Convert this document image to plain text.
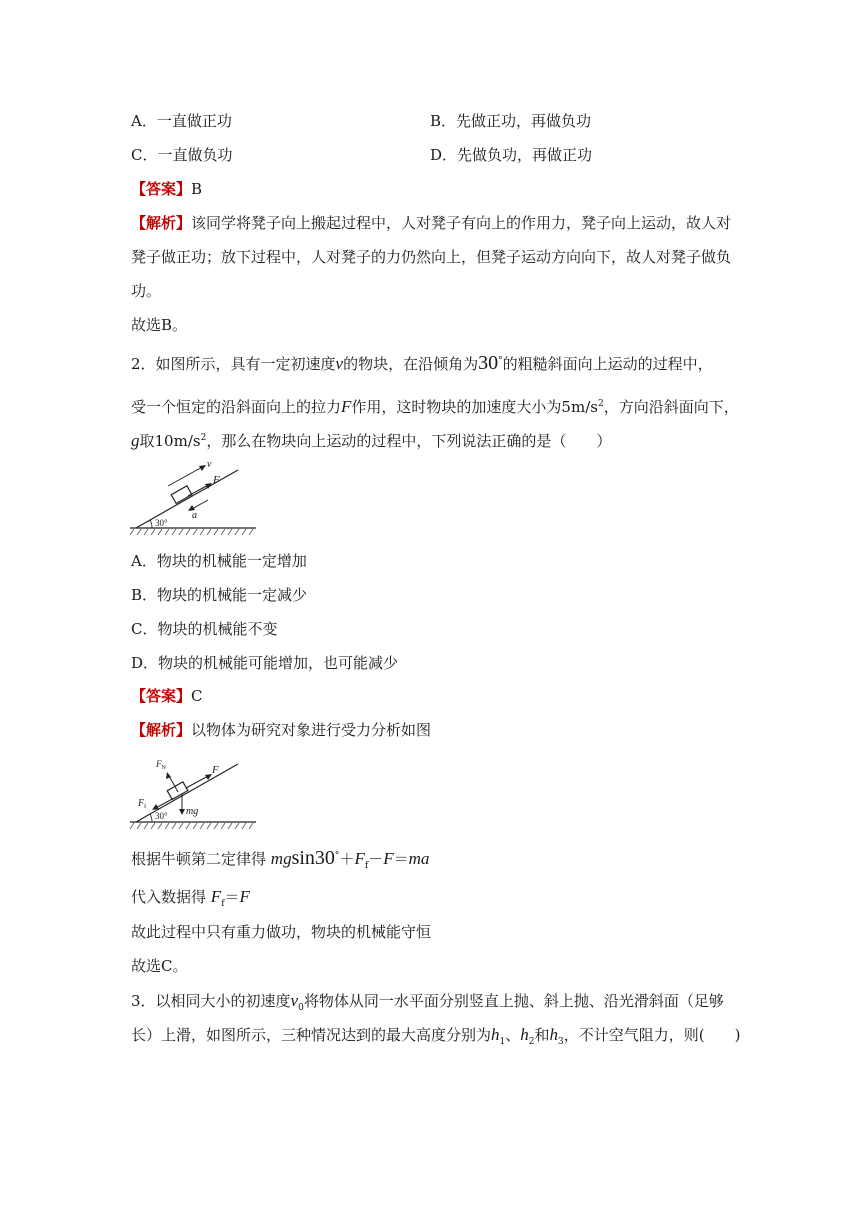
A．一直做正功	B．先做正功，再做负功
C．一直做负功	D．先做负功，再做正功
【答案】B
【解析】该同学将凳子向上搬起过程中，人对凳子有向上的作用力，凳子向上运动，故人对
凳子做正功；放下过程中，人对凳子的力仍然向上，但凳子运动方向向下，故人对凳子做负
功。
故选B。
2．如图所示，具有一定初速度v的物块，在沿倾角为30°的粗糙斜面向上运动的过程中，
受一个恒定的沿斜面向上的拉力F作用，这时物块的加速度大小为$5m/s^2$，方向沿斜面向下，
g取$10m/s^2$，那么在物块向上运动的过程中，下列说法正确的是（　　）
30°
v
F
a
A．物块的机械能一定增加
B．物块的机械能一定减少
C．物块的机械能不变
D．物块的机械能可能增加，也可能减少
【答案】C
【解析】以物体为研究对象进行受力分析如图
30°
$F_N$	F
$F_f$	mg
根据牛顿第二定律得 $mgsin30^\circ+F_f-F=ma$
代入数据得 $F_f=F$
故此过程中只有重力做功，物块的机械能守恒
故选C。
3．以相同大小的初速度$v_0$将物体从同一水平面分别竖直上抛、斜上抛、沿光滑斜面（足够
长）上滑，如图所示，三种情况达到的最大高度分别为$h_1$、$h_2$和$h_3$，不计空气阻力，则(　　)
